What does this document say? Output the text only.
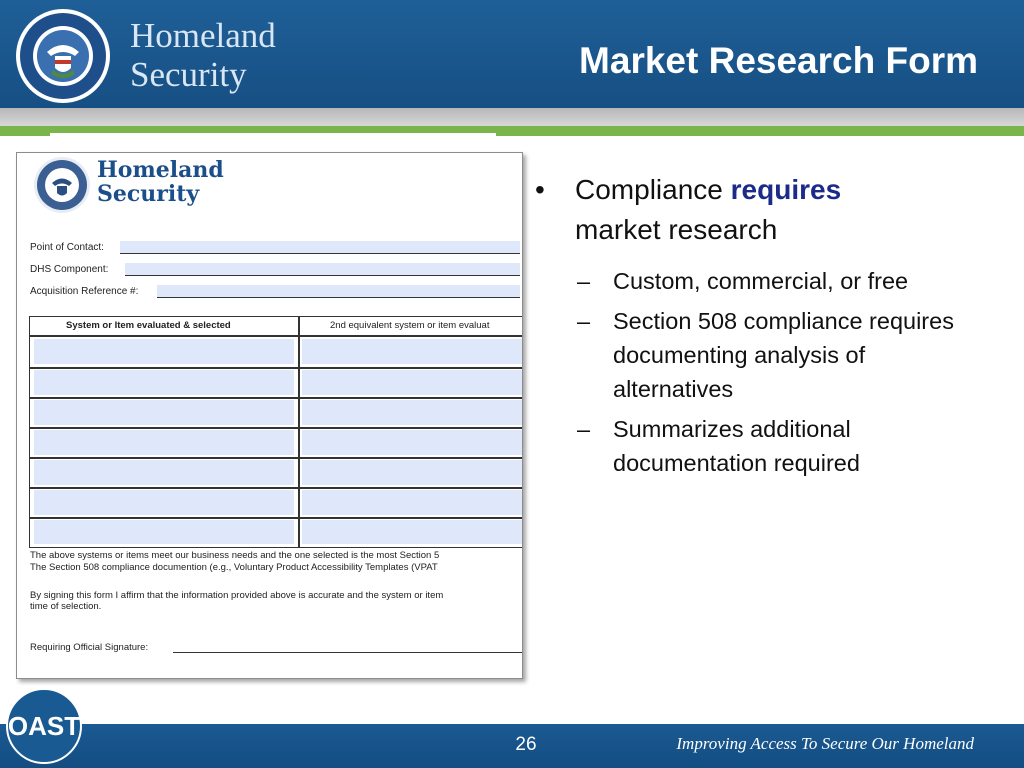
Homeland
Security	Market Research Form
Homeland
Security
Point of Contact:
DHS Component:
Acquisition Reference #:
System or Item evaluated & selected	2nd equivalent system or item evaluat
The above systems or items meet our business needs and the one selected is the most Section 5
The Section 508 compliance documention (e.g., Voluntary Product Accessibility Templates (VPAT
By signing this form I affirm that the information provided above is accurate and the system or item
time of selection.
Requiring Official Signature:
• Compliance requires
market research
– Custom, commercial, or free
– Section 508 compliance requires documenting analysis of alternatives
– Summarizes additional documentation required
OAST
26	Improving Access To Secure Our Homeland
